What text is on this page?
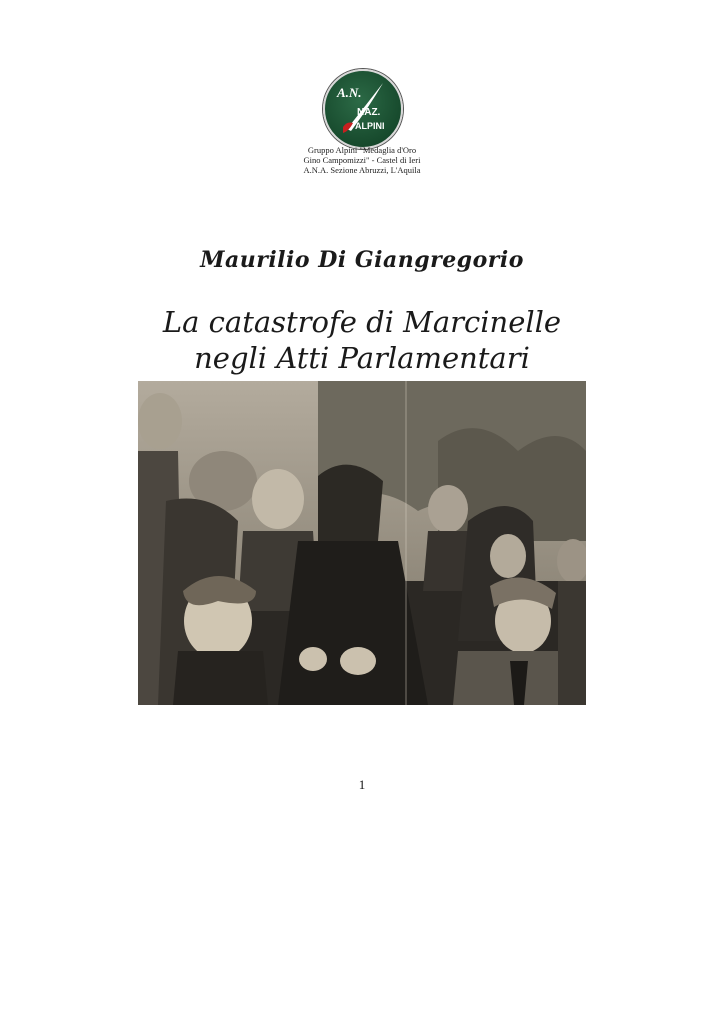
A.N.
NAZ.
ALPINI
Gruppo Alpini "Medaglia d'Oro
Gino Campomizzi" - Castel di Ieri
A.N.A. Sezione Abruzzi, L'Aquila
Maurilio Di Giangregorio
La catastrofe di Marcinelle
negli Atti Parlamentari
1
